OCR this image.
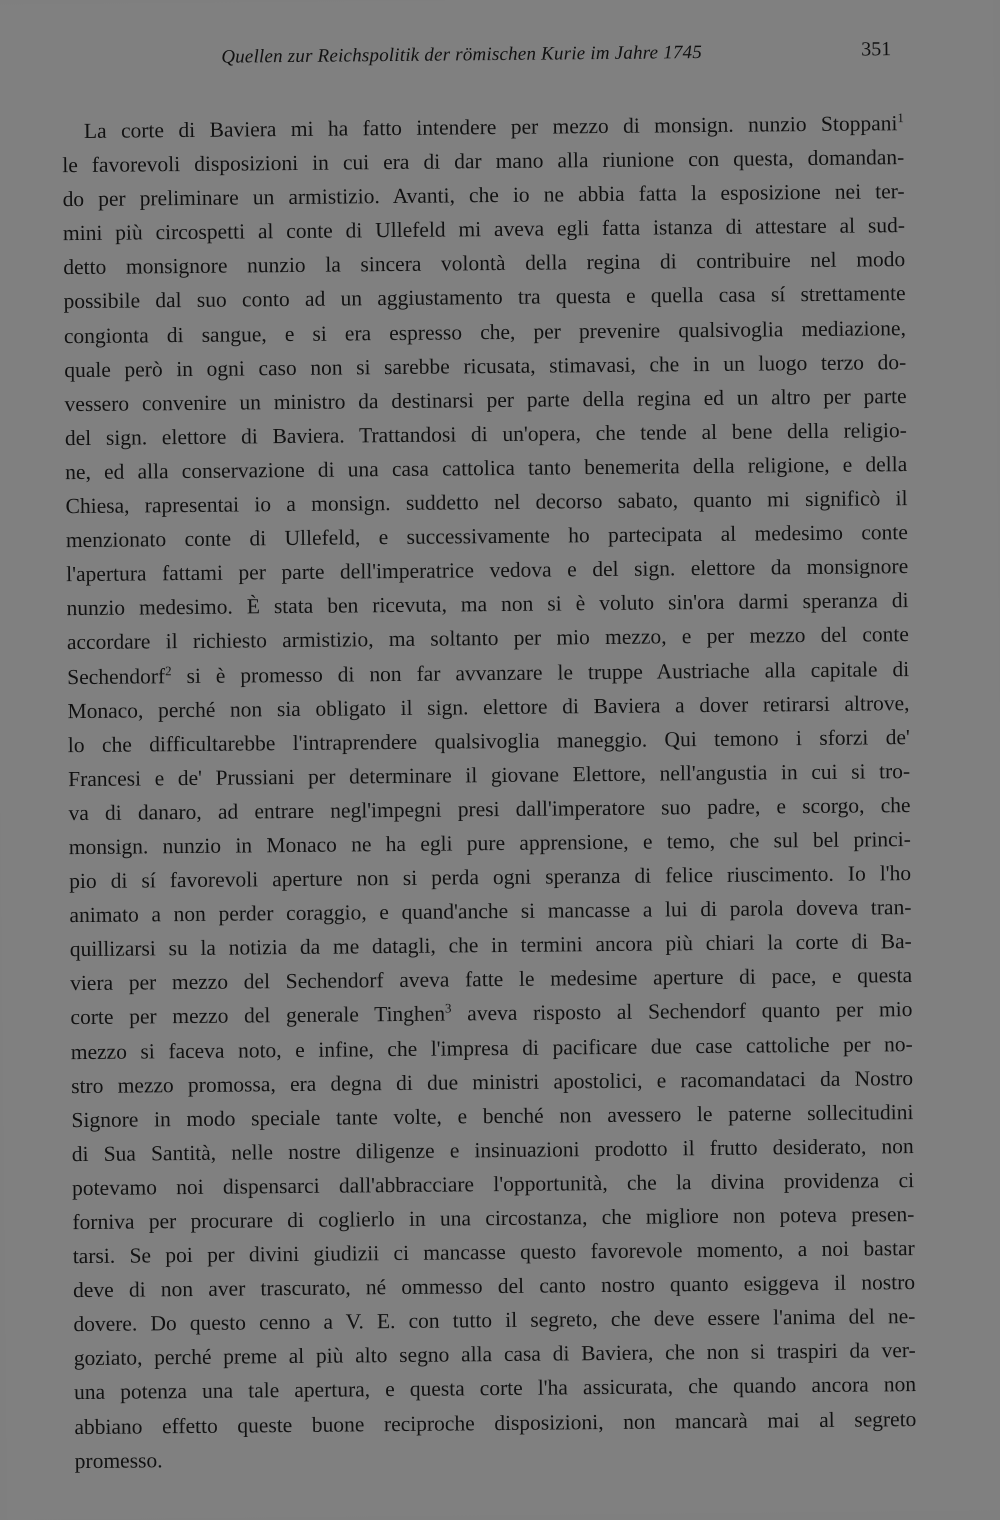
Quellen zur Reichspolitik der römischen Kurie im Jahre 1745	351
La corte di Baviera mi ha fatto intendere per mezzo di monsign. nunzio Stoppani$^1$
le favorevoli disposizioni in cui era di dar mano alla riunione con questa, domandan-
do per preliminare un armistizio. Avanti, che io ne abbia fatta la esposizione nei ter-
mini più circospetti al conte di Ullefeld mi aveva egli fatta istanza di attestare al sud-
detto monsignore nunzio la sincera volontà della regina di contribuire nel modo
possibile dal suo conto ad un aggiustamento tra questa e quella casa sí strettamente
congionta di sangue, e si era espresso che, per prevenire qualsivoglia mediazione,
quale però in ogni caso non si sarebbe ricusata, stimavasi, che in un luogo terzo do-
vessero convenire un ministro da destinarsi per parte della regina ed un altro per parte
del sign. elettore di Baviera. Trattandosi di un'opera, che tende al bene della religio-
ne, ed alla conservazione di una casa cattolica tanto benemerita della religione, e della
Chiesa, rapresentai io a monsign. suddetto nel decorso sabato, quanto mi significò il
menzionato conte di Ullefeld, e successivamente ho partecipata al medesimo conte
l'apertura fattami per parte dell'imperatrice vedova e del sign. elettore da monsignore
nunzio medesimo. È stata ben ricevuta, ma non si è voluto sin'ora darmi speranza di
accordare il richiesto armistizio, ma soltanto per mio mezzo, e per mezzo del conte
Sechendorf$^2$ si è promesso di non far avvanzare le truppe Austriache alla capitale di
Monaco, perché non sia obligato il sign. elettore di Baviera a dover retirarsi altrove,
lo che difficultarebbe l'intraprendere qualsivoglia maneggio. Qui temono i sforzi de'
Francesi e de' Prussiani per determinare il giovane Elettore, nell'angustia in cui si tro-
va di danaro, ad entrare negl'impegni presi dall'imperatore suo padre, e scorgo, che
monsign. nunzio in Monaco ne ha egli pure apprensione, e temo, che sul bel princi-
pio di sí favorevoli aperture non si perda ogni speranza di felice riuscimento. Io l'ho
animato a non perder coraggio, e quand'anche si mancasse a lui di parola doveva tran-
quillizarsi su la notizia da me datagli, che in termini ancora più chiari la corte di Ba-
viera per mezzo del Sechendorf aveva fatte le medesime aperture di pace, e questa
corte per mezzo del generale Tinghen$^3$ aveva risposto al Sechendorf quanto per mio
mezzo si faceva noto, e infine, che l'impresa di pacificare due case cattoliche per no-
stro mezzo promossa, era degna di due ministri apostolici, e racomandataci da Nostro
Signore in modo speciale tante volte, e benché non avessero le paterne sollecitudini
di Sua Santità, nelle nostre diligenze e insinuazioni prodotto il frutto desiderato, non
potevamo noi dispensarci dall'abbracciare l'opportunità, che la divina providenza ci
forniva per procurare di coglierlo in una circostanza, che migliore non poteva presen-
tarsi. Se poi per divini giudizii ci mancasse questo favorevole momento, a noi bastar
deve di non aver trascurato, né ommesso del canto nostro quanto esiggeva il nostro
dovere. Do questo cenno a V. E. con tutto il segreto, che deve essere l'anima del ne-
goziato, perché preme al più alto segno alla casa di Baviera, che non si traspiri da ver-
una potenza una tale apertura, e questa corte l'ha assicurata, che quando ancora non
abbiano effetto queste buone reciproche disposizioni, non mancarà mai al segreto
promesso.
